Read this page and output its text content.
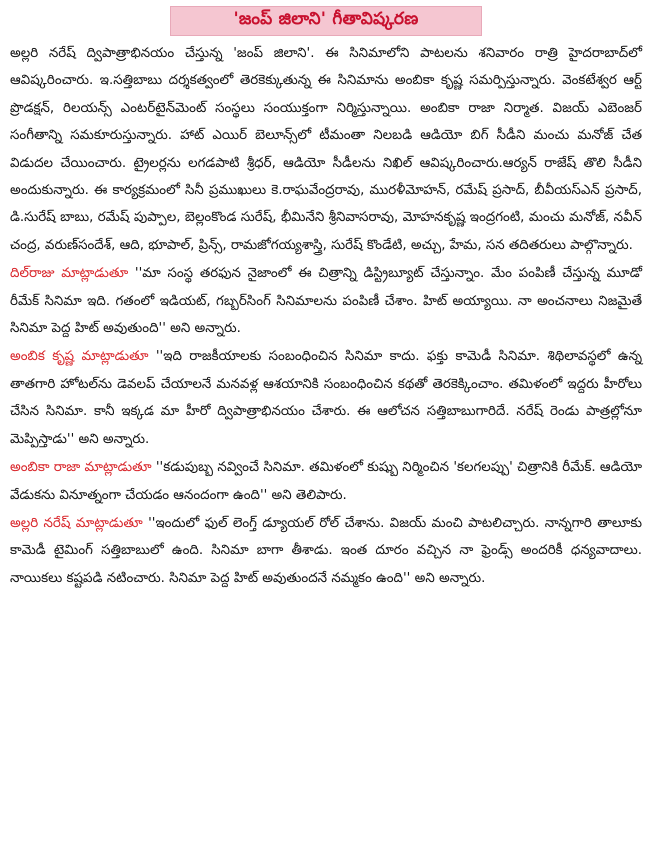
'జంప్ జిలాని' గీతావిష్కరణ

అల్లరి నరేష్ ద్విపాత్రాభినయం చేస్తున్న 'జంప్ జిలాని'. ఈ సినిమాలోని పాటలను శనివారం రాత్రి హైదరాబాద్‌లో ఆవిష్కరించారు. ఇ.సత్తిబాబు దర్శకత్వంలో తెరకెక్కుతున్న ఈ సినిమాను అంబికా కృష్ణ సమర్పిస్తున్నారు. వెంకటేశ్వర ఆర్ట్ ప్రొడక్షన్, రిలయన్స్ ఎంటర్‌టైన్‌మెంట్ సంస్థలు సంయుక్తంగా నిర్మిస్తున్నాయి. అంబికా రాజా నిర్మాత. విజయ్ ఎబెంజర్ సంగీతాన్ని సమకూరుస్తున్నారు. హాట్ ఎయిర్ బెలూన్స్‌లో టీమంతా నిలబడి ఆడియో బిగ్ సీడీని మంచు మనోజ్ చేత విడుదల చేయించారు. ట్రైలర్లను లగడపాటి శ్రీధర్, ఆడియో సీడీలను నిఖిల్ ఆవిష్కరించారు.ఆర్యన్ రాజేష్ తొలి సీడీని అందుకున్నారు. ఈ కార్యక్రమంలో సినీ ప్రముఖులు కె.రాఘవేంద్రరావు, మురళీమోహన్, రమేష్ ప్రసాద్, బీవీయస్ఎన్ ప్రసాద్, డి.సురేష్ బాబు, రమేష్ పుప్పాల, బెల్లంకొండ సురేష్, భీమినేని శ్రీనివాసరావు, మోహనకృష్ణ ఇంద్రగంటి, మంచు మనోజ్, నవీన్ చంద్ర, వరుణ్‌సందేశ్, ఆది, భూపాల్, ప్రిన్స్, రామజోగయ్యశాస్త్రి, సురేష్ కొండేటి, అచ్చు, హేమ, సన తదితరులు పాల్గొన్నారు.

దిల్‌రాజు మాట్లాడుతూ ''మా సంస్థ తరఫున నైజాంలో ఈ చిత్రాన్ని డిస్ట్రిబ్యూట్ చేస్తున్నాం. మేం పంపిణీ చేస్తున్న మూడో రీమేక్ సినిమా ఇది. గతంలో ఇడియట్, గబ్బర్‌సింగ్ సినిమాలను పంపిణీ చేశాం. హిట్ అయ్యాయి. నా అంచనాలు నిజమైతే సినిమా పెద్ద హిట్ అవుతుంది'' అని అన్నారు.

అంబిక కృష్ణ మాట్లాడుతూ ''ఇది రాజకీయాలకు సంబంధించిన సినిమా కాదు. ఫక్తు కామెడీ సినిమా. శిథిలావస్థలో ఉన్న తాతగారి హోటల్‌ను డెవలప్ చేయాలనే మనవళ్ల ఆశయానికి సంబంధించిన కథతో తెరకెక్కించాం. తమిళంలో ఇద్దరు హీరోలు చేసిన సినిమా. కానీ ఇక్కడ మా హీరో ద్విపాత్రాభినయం చేశారు. ఈ ఆలోచన సత్తిబాబుగారిదే. నరేష్ రెండు పాత్రల్లోనూ మెప్పిస్తాడు'' అని అన్నారు.

అంబికా రాజా మాట్లాడుతూ ''కడుపుబ్బ నవ్వించే సినిమా. తమిళంలో కుష్బు నిర్మించిన 'కలగలప్పు' చిత్రానికి రీమేక్. ఆడియో వేడుకను వినూత్నంగా చేయడం ఆనందంగా ఉంది'' అని తెలిపారు.

అల్లరి నరేష్ మాట్లాడుతూ ''ఇందులో ఫుల్ లెంగ్త్ డ్యూయల్ రోల్ చేశాను. విజయ్ మంచి పాటలిచ్చారు. నాన్నగారి తాలూకు కామెడీ టైమింగ్ సత్తిబాబులో ఉంది. సినిమా బాగా తీశాడు. ఇంత దూరం వచ్చిన నా ఫ్రెండ్స్ అందరికీ ధన్యవాదాలు. నాయికలు కష్టపడి నటించారు. సినిమా పెద్ద హిట్ అవుతుందనే నమ్మకం ఉంది'' అని అన్నారు.
